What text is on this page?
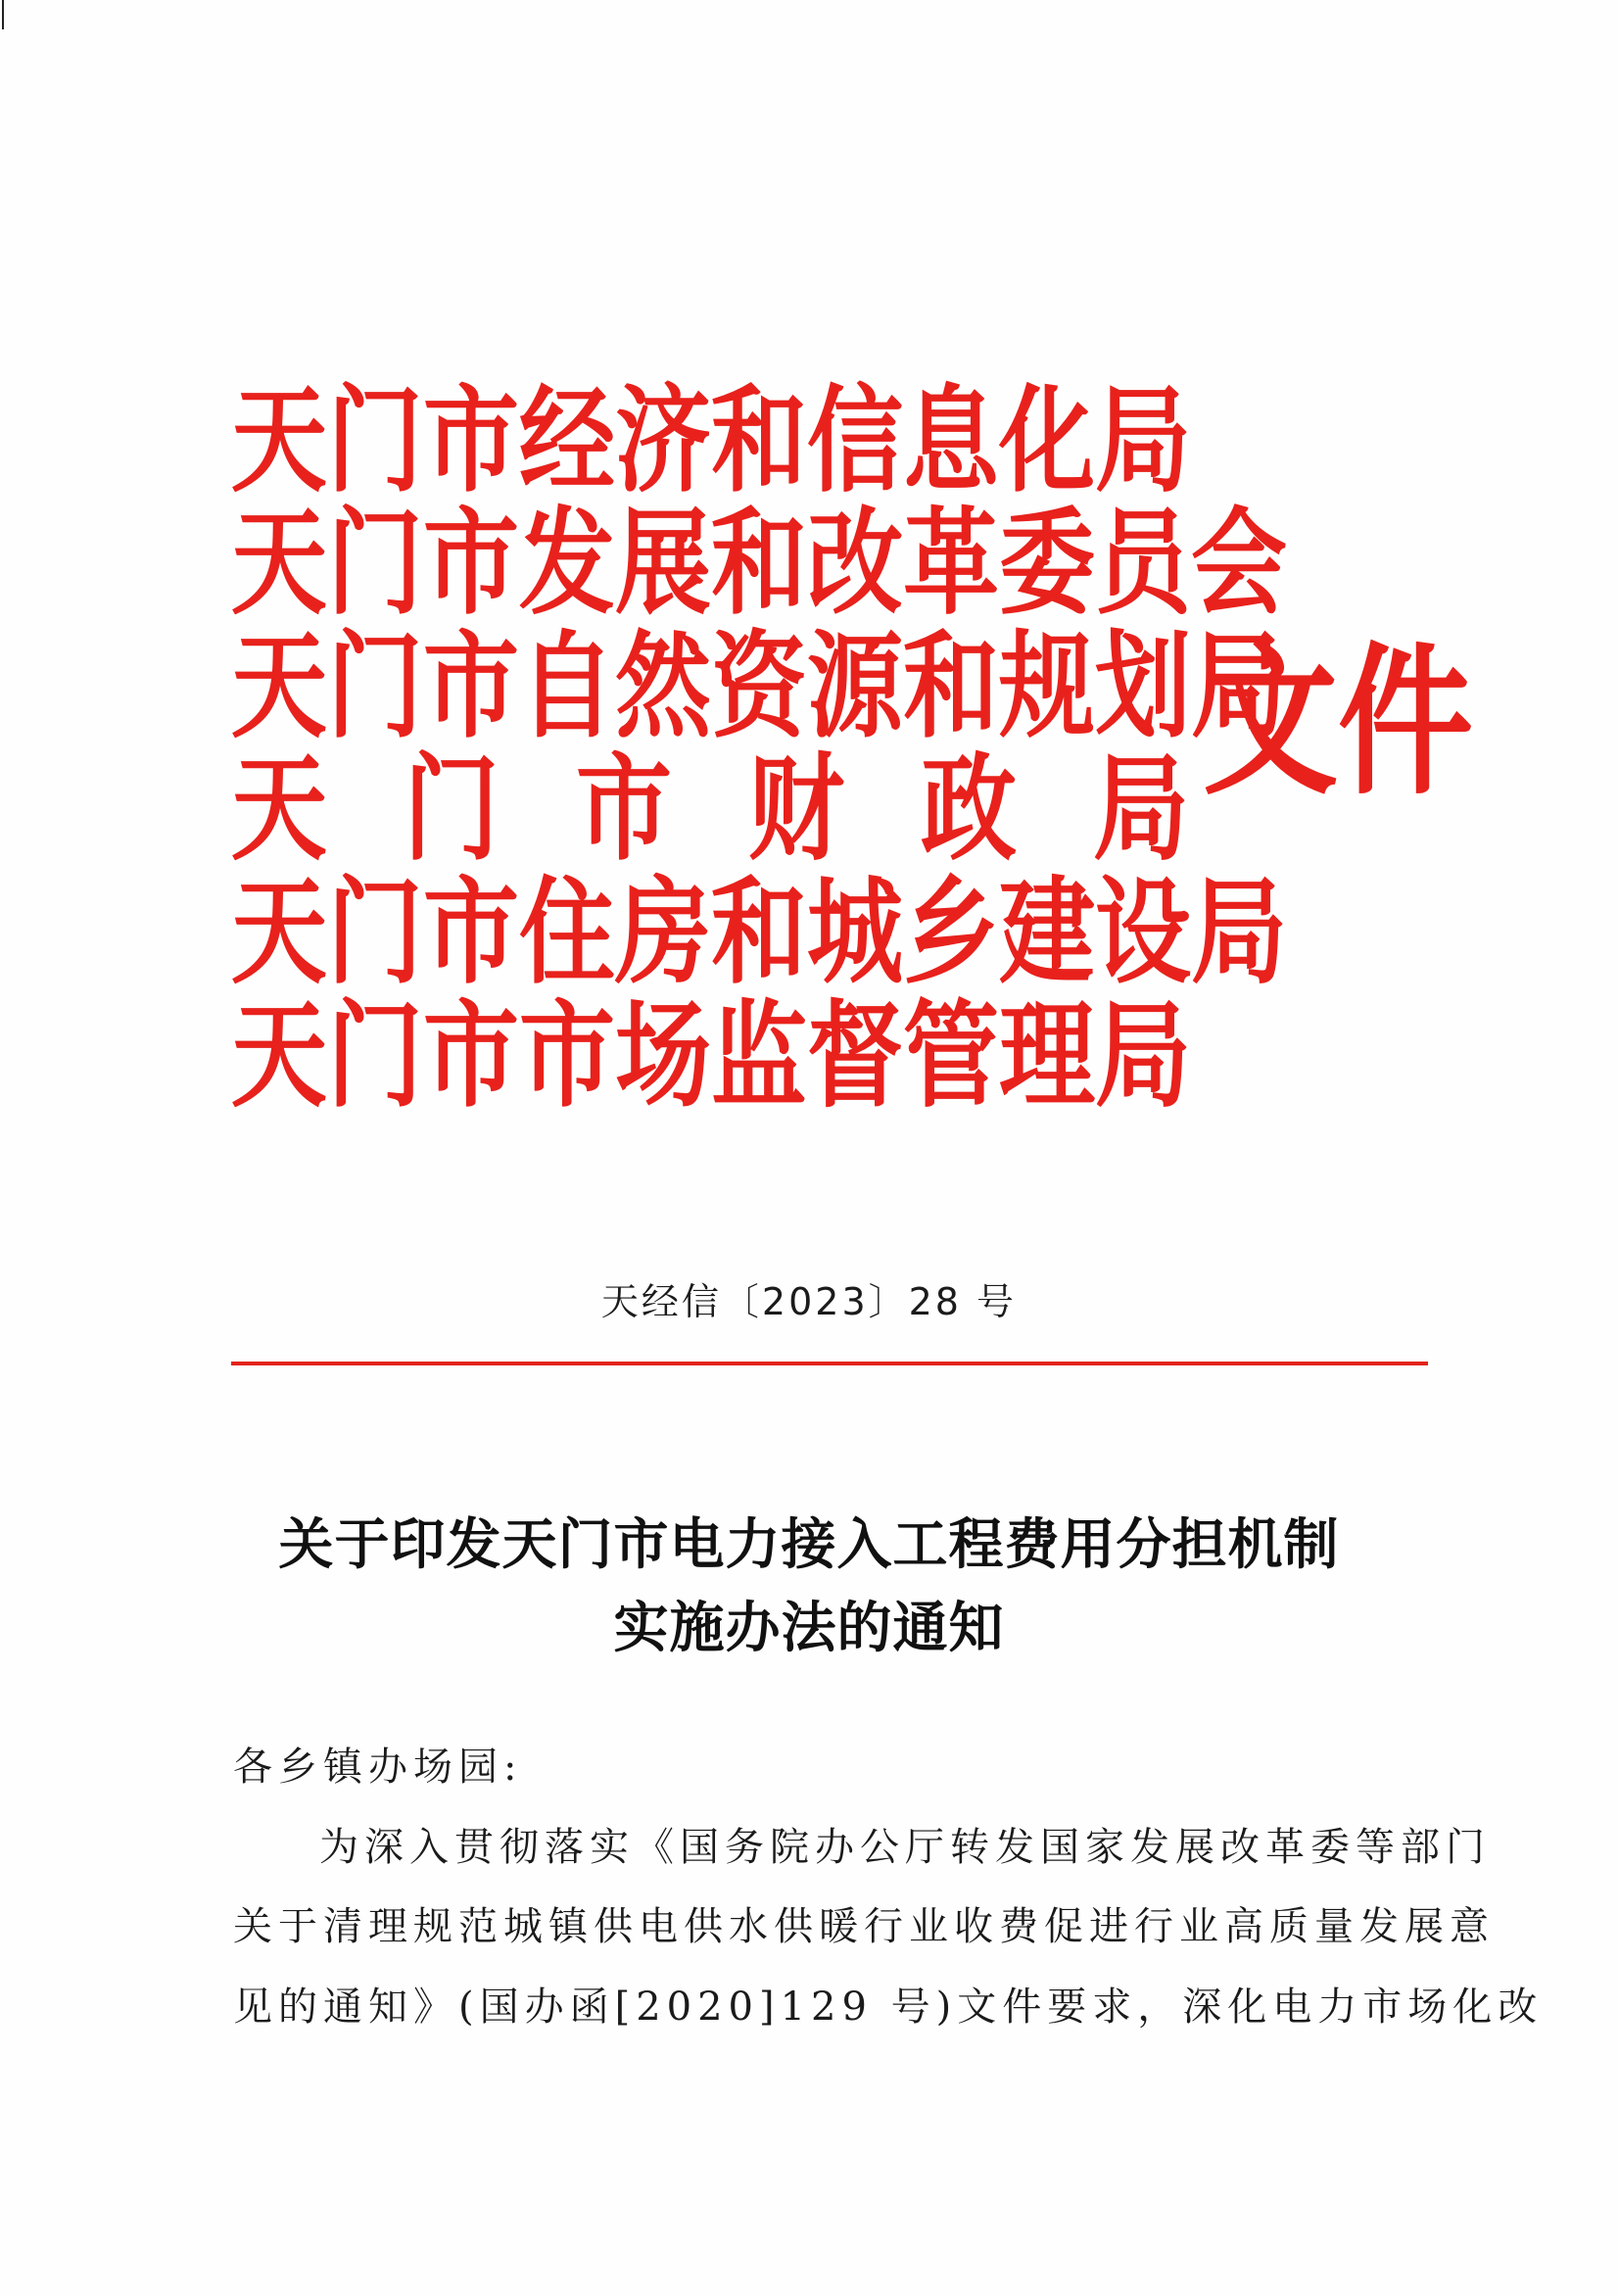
天门市经济和信息化局
天门市发展和改革委员会
天门市自然资源和规划局
天门市财政局
天门市住房和城乡建设局
天门市市场监督管理局
文件
天经信〔2023〕28 号
关于印发天门市电力接入工程费用分担机制
实施办法的通知
各乡镇办场园:
为深入贯彻落实《国务院办公厅转发国家发展改革委等部门
关于清理规范城镇供电供水供暖行业收费促进行业高质量发展意
见的通知》(国办函[2020]129 号)文件要求，深化电力市场化改
